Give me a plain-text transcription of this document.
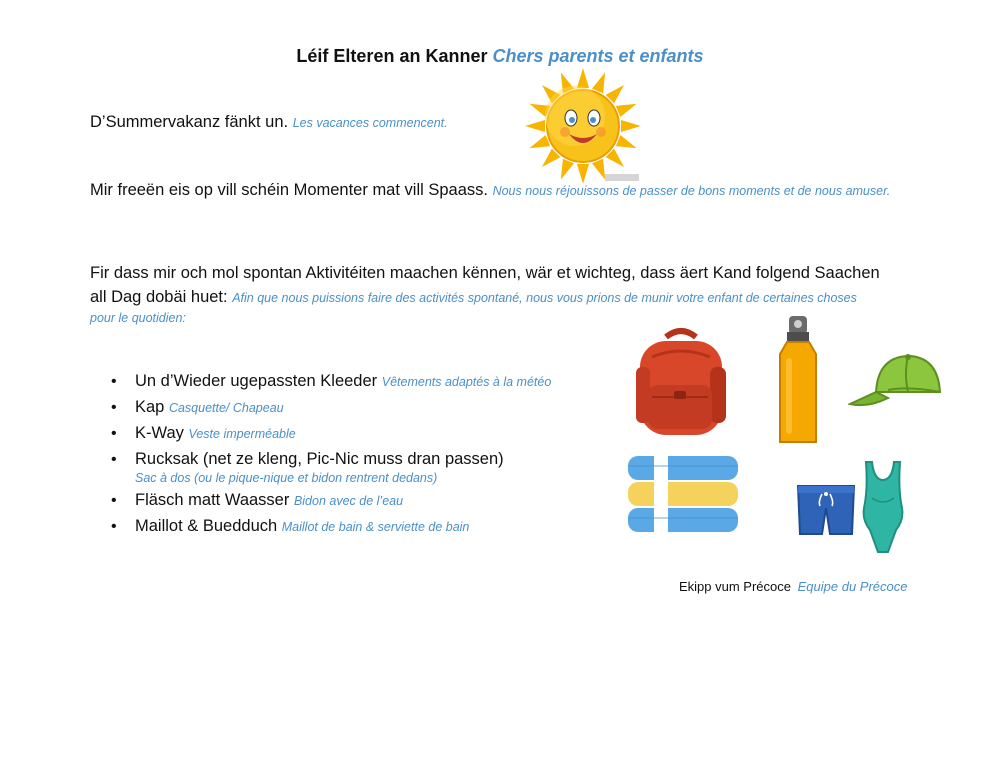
Léif Elteren an Kanner Chers parents et enfants
D’Summervakanz fänkt un. Les vacances commencent.
Mir freeën eis op vill schéin Momenter mat vill Spaass. Nous nous réjouissons de passer de bons moments et de nous amuser.
Fir dass mir och mol spontan Aktivitéiten maachen kënnen, wär et wichteg, dass äert Kand folgend Saachen
all Dag dobäi huet: Afin que nous puissions faire des activités spontané, nous vous prions de munir votre enfant de certaines choses
pour le quotidien:
• Un d’Wieder ugepassten Kleeder Vêtements adaptés à la météo
• Kap Casquette/ Chapeau
• K-Way Veste imperméable
• Rucksak (net ze kleng, Pic-Nic muss dran passen)
Sac à dos (ou le pique-nique et bidon rentrent dedans)
• Fläsch matt Waasser Bidon avec de l’eau
• Maillot & Buedduch Maillot de bain & serviette de bain
Ekipp vum Précoce Equipe du Précoce
